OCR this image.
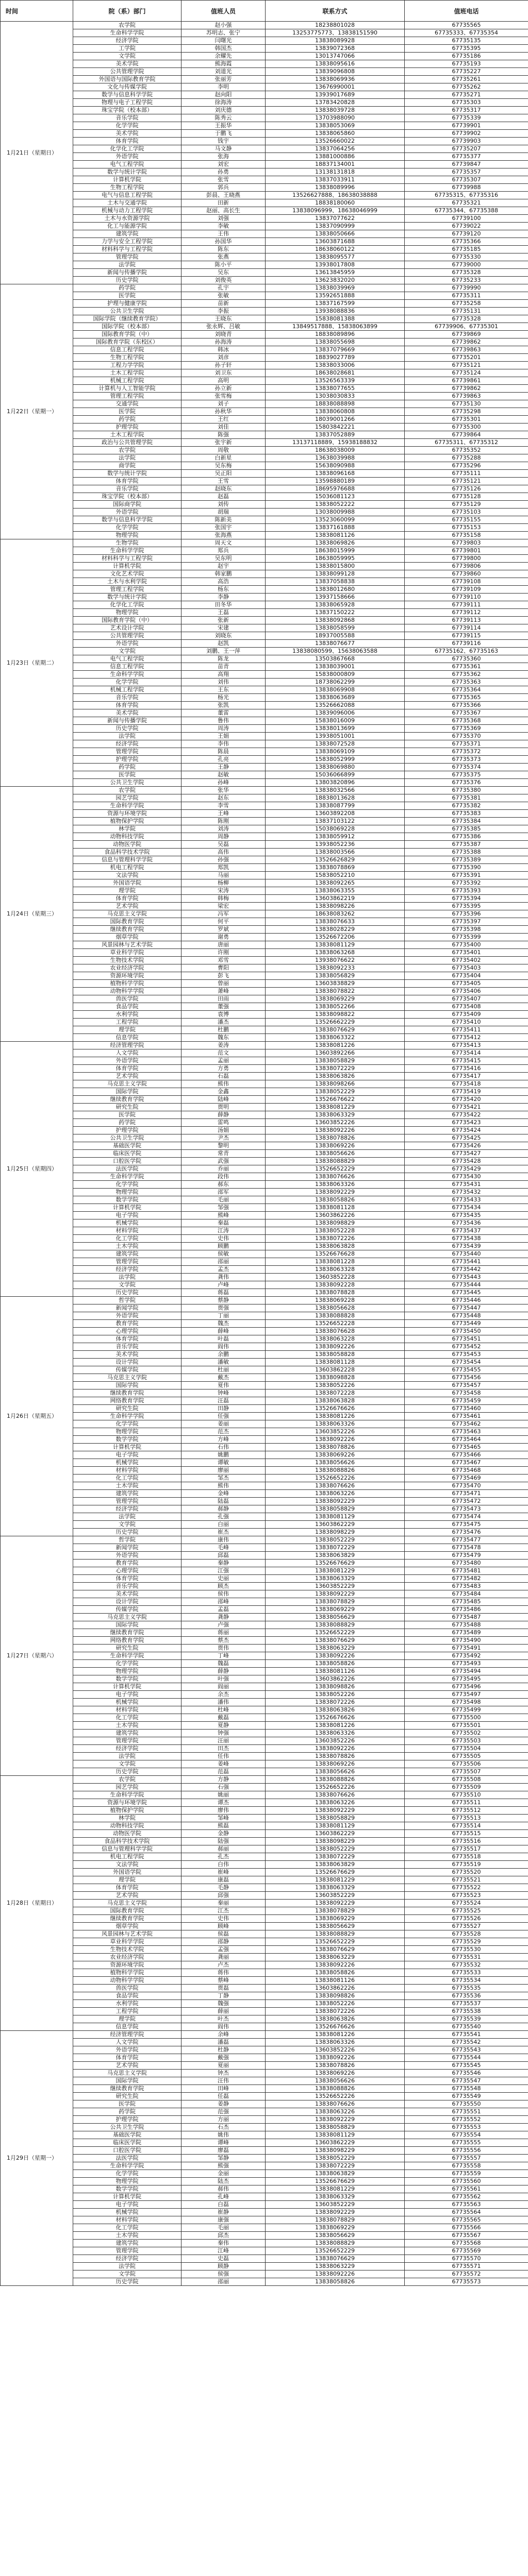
时间	院（系）部门	值班人员	联系方式	值班电话
1月21日（星期日）	农学院	赵小强	18238801028	67735565
	生命科学学院	苏明志、张宁	13253775773、13838151590	67735333、67735354
	经济学院	闫曙光	13838089928	67735135
	工学院	韩国杰	13839072368	67735395
	文学院	余耀先	13013747066	67735186
	美术学院	熊海霞	13838095616	67735193
	公共管理学院	刘道光	13839096808	67735227
	外国语与国际教育学院	张丽芳	13838069936	67735261
	文化与传媒学院	李明	13676990001	67735262
	数学与信息科学学院	赵向阳	13939017689	67735271
	物理与电子工程学院	徐海涛	13783420828	67735303
	珠宝学院（校本部）	刘庆德	13838039728	67735317
	音乐学院	陈秀云	13703988090	67735339
	化学学院	王振华	13838053069	67739901
	美术学院	于鹏飞	13838065860	67739902
	体育学院	钱宇	13526660022	67739903
	化学化工学院	马文静	13837064256	67735207
	外语学院	张海	13881000886	67735377
	电气工程学院	刘宏	18837134001	67739847
	数学与统计学院	孙勇	13138131818	67735357
	计算机学院	张雪	13837033911	67735307
	生物工程学院	郭兵	13838089996	67739988
	电气与信息工程学院	彭晨、王晓燕	13526627888、18638038888	67735315、67735316
	土木与交通学院	田新	18838180060	67735321
	机械与动力工程学院	赵丽、高长生	13838096999、18638046999	67735344、67735388
	土木与水资源学院	刘强	13837077622	67739100
	化工与能源学院	李敏	13837090999	67739022
	建筑学院	王伟	13838050666	67739120
	力学与安全工程学院	孙国华	13603871688	67735366
	材料科学与工程学院	陈东	18638060122	67735185
	管理学院	张燕	13838095577	67735330
	法学院	陈小平	13938017808	67739000
	新闻与传播学院	吴东	13613845959	67735328
	历史学院	刘俊英	13623832020	67735233
1月22日（星期一）	药学院	孔宇	13838039969	67739990
	医学院	张敏	13592651888	67735311
	护理与健康学院	苗新	13837167599	67735258
	公共卫生学院	李振	13938088836	67735131
	国际学院（继续教育学院）	王晓东	15838081388	67735328
	国际学院（校本部）	张永辉、吕敏	13849517888、15838063899	67739906、67735301
	国际教育学院（中）	刘晓青	18838089896	67739869
	国际教育学院（东校区）	孙海涛	13838055698	67739862
	信息工程学院	韩冰	13837079669	67739863
	生物工程学院	刘彦	18839027789	67735201
	工程力学学院	孙子轩	13838033006	67735121
	土木工程学院	刘卫东	18638028681	67735124
	机械工程学院	高明	13526563339	67739861
	计算机与人工智能学院	孙立新	13838077655	67739862
	管理工程学院	张雪梅	13038030833	67739863
	交通学院	刘子	18838088898	67735130
	医学院	孙秋华	13838060808	67735298
	药学院	王红	18039001266	67735301
	护理学院	刘佳	15803842221	67735300
	土木工程学院	陈强	13837052889	67739864
	政治与公共管理学院	张宇新	13137118889、15938188832	67735311、67735312
	农学院	周敬	18638038009	67735352
	法学院	白新星	13638039988	67735288
	商学院	吴东梅	15638090988	67735296
	数学与统计学院	吴正阳	13838096168	67735111
	体育学院	王雪	13598880189	67735121
	音乐学院	赵晓东	18695976688	67735126
	珠宝学院（校本部）	赵磊	15036081123	67735128
	国际商学院	刘传	13838052222	67735129
	外语学院	胡瑞	13038009988	67735103
	数学与信息科学学院	陈新美	13523060099	67735155
	化学学院	张国宇	13837161888	67735153
	物理学院	张海燕	13838081126	67735158
1月23日（星期二）	生物学院	周天文	13838069826	67739803
	生命科学学院	郑兵	18638015999	67739801
	材料科学与工程学院	吴东明	18638059995	67739800
	计算机学院	赵宇	13838015800	67739806
	文化艺术学院	韩家鹏	13838099128	67739860
	土木与水利学院	高浩	13837058838	67739108
	管理工程学院	杨东	13838012680	67739109
	数学与统计学院	李静	13937158666	67739110
	化学化工学院	田冬华	13838065928	67739111
	物理学院	王磊	13837150222	67739112
	国际教育学院（中）	张新	13838092868	67739113
	艺术设计学院	宋建	13838058599	67739114
	公共管理学院	刘晓东	18937005588	67739115
	外语学院	赵凯	13838076677	67739116
	文学院	刘鹏、王一萍	13838080599、15638063588	67735162、67735163
	电气工程学院	陈龙	13503867668	67735360
	信息工程学院	苗青	13838039001	67735361
	生命科学学院	高翔	15838000809	67735362
	化学学院	刘伟	18738062299	67735363
	机械工程学院	王东	13838069908	67735364
	音乐学院	杨光	13838063689	67735365
	体育学院	张凯	13526662088	67735366
	美术学院	董雷	13839096006	67735367
	新闻与传播学院	鲁伟	15838016009	67735368
	历史学院	周涛	13838013699	67735369
	法学院	王娟	13938051001	67735370
	经济学院	李伟	13838072528	67735371
	管理学院	陈晨	13838069109	67735372
	护理学院	孔亮	15838052999	67735373
	药学院	王静	13838069880	67735374
	医学院	赵敏	15036066899	67735375
	公共卫生学院	孙峰	13803820896	67735376
1月24日（星期三）	农学院	张华	13838032566	67735380
	园艺学院	赵东	18838013628	67735381
	生命科学学院	李雪	13838087799	67735382
	资源与环境学院	王峰	13603892208	67735383
	植物保护学院	陈刚	13837103122	67735384
	林学院	刘涛	15038069228	67735385
	动物科技学院	周静	13838059912	67735386
	动物医学院	吴磊	13938052236	67735387
	食品科学技术学院	高伟	13838003566	67735388
	信息与管理科学学院	孙强	13526626829	67735389
	机电工程学院	郑凯	13838078869	67735390
	文法学院	马丽	15838052210	67735391
	外国语学院	杨柳	13838092265	67735392
	理学院	宋涛	13838063355	67735393
	体育学院	韩梅	13603862219	67735394
	艺术学院	梁宏	13838098226	67735395
	马克思主义学院	冯军	18638083262	67735396
	国际教育学院	何平	13838076633	67735397
	继续教育学院	罗斌	13838028229	67735398
	烟草学院	谢勇	13526672206	67735399
	风景园林与艺术学院	唐丽	13838081129	67735400
	草业科学学院	许刚	13838063268	67735401
	生物技术学院	邓雪	13938076622	67735402
	农业经济学院	曹阳	13838092233	67735403
	资源环境学院	彭飞	13838056829	67735404
	植物科学学院	曾丽	13603838829	67735405
	动物科学学院	萧峰	13838078822	67735406
	兽医学院	田雨	13838069229	67735407
	食品学院	董强	13838052266	67735408
	水利学院	袁博	13838098822	67735409
	工程学院	潘杰	13526662229	67735410
	理学院	杜鹏	13838076629	67735411
	信息学院	魏东	13838063322	67735412
1月25日（星期四）	经济管理学院	姜涛	13838081226	67735413
	人文学院	范文	13603892266	67735414
	外语学院	孟丽	13838058829	67735415
	体育学院	方勇	13838072229	67735416
	艺术学院	石磊	13838063826	67735417
	马克思主义学院	熊伟	13838098266	67735418
	国际学院	金鑫	13838052229	67735419
	继续教育学院	陆峰	13526676622	67735420
	研究生院	贾明	13838081229	67735421
	医学院	薛静	13838063329	67735422
	药学院	雷鸣	13603852226	67735423
	护理学院	汤娟	13838092226	67735424
	公共卫生学院	尹杰	13838078826	67735425
	基础医学院	黎明	13838069226	67735426
	临床医学院	常青	13838056626	67735427
	口腔医学院	武强	13838088829	67735428
	法医学院	乔丽	13526652229	67735429
	生命科学学院	段伟	13838076626	67735430
	化学学院	郝东	13838063326	67735431
	物理学院	邵军	13838092229	67735432
	数学学院	毛丽	13838058826	67735433
	计算机学院	邹强	13838081128	67735434
	电子学院	熊峰	13603862226	67735435
	机械学院	秦磊	13838098829	67735436
	材料学院	江涛	13838052228	67735437
	化工学院	史伟	13838072226	67735438
	土木学院	顾鹏	13838063828	67735439
	建筑学院	侯敏	13526676628	67735440
	管理学院	邵丽	13838081228	67735441
	经济学院	孟杰	13838063328	67735442
	法学院	龚伟	13603852228	67735443
	文学院	卢峰	13838092228	67735444
	历史学院	蒋磊	13838078828	67735445
1月26日（星期五）	哲学院	蔡静	13838069228	67735446
	新闻学院	贾强	13838056628	67735447
	外语学院	丁丽	13838088828	67735448
	教育学院	魏杰	13526652228	67735449
	心理学院	薛峰	13838076628	67735450
	体育学院	叶磊	13838063228	67735451
	音乐学院	阎伟	13838092226	67735452
	美术学院	余鹏	13838058828	67735453
	设计学院	潘敏	13838081128	67735454
	传媒学院	杜丽	13603862228	67735455
	马克思主义学院	戴杰	13838098828	67735456
	国际学院	夏伟	13838052226	67735457
	继续教育学院	钟峰	13838072228	67735458
	网络教育学院	汪磊	13838063828	67735459
	研究生院	田静	13526676626	67735460
	生命科学学院	任强	13838081226	67735461
	化学学院	姜丽	13838063326	67735462
	物理学院	范杰	13603852226	67735463
	数学学院	方峰	13838092226	67735464
	计算机学院	石伟	13838078826	67735465
	电子学院	姚鹏	13838069226	67735466
	机械学院	谭敏	13838056626	67735467
	材料学院	廖丽	13838088826	67735468
	化工学院	邹杰	13526652226	67735469
	土木学院	熊伟	13838076626	67735470
	建筑学院	金峰	13838063226	67735471
	管理学院	陆磊	13838092229	67735472
	经济学院	郝静	13838058829	67735473
	法学院	孔强	13838081129	67735474
	文学院	白丽	13603862229	67735475
	历史学院	崔杰	13838098229	67735476
1月27日（星期六）	哲学院	康伟	13838052229	67735477
	新闻学院	毛峰	13838072229	67735478
	外语学院	邱磊	13838063829	67735479
	教育学院	秦静	13526676629	67735480
	心理学院	江强	13838081229	67735481
	体育学院	史丽	13838063329	67735482
	音乐学院	顾杰	13603852229	67735483
	美术学院	侯伟	13838092229	67735484
	设计学院	邵峰	13838078829	67735485
	传媒学院	孟磊	13838069229	67735486
	马克思主义学院	龚静	13838056629	67735487
	国际学院	卢强	13838088829	67735488
	继续教育学院	蒋丽	13526652229	67735489
	网络教育学院	蔡杰	13838076629	67735490
	研究生院	贾伟	13838063229	67735491
	生命科学学院	丁峰	13838092226	67735492
	化学学院	魏磊	13838058826	67735493
	物理学院	薛静	13838081126	67735494
	数学学院	叶强	13603862226	67735495
	计算机学院	阎丽	13838098826	67735496
	电子学院	余杰	13838052226	67735497
	机械学院	潘伟	13838072226	67735498
	材料学院	杜峰	13838063826	67735499
	化工学院	戴磊	13526676626	67735500
	土木学院	夏静	13838081226	67735501
	建筑学院	钟强	13838063326	67735502
	管理学院	汪丽	13603852226	67735503
	经济学院	田杰	13838092226	67735504
	法学院	任伟	13838078826	67735505
	文学院	姜峰	13838069226	67735506
	历史学院	范磊	13838056626	67735507
1月28日（星期日）	农学院	方静	13838088826	67735508
	园艺学院	石强	13526652226	67735509
	生命科学学院	姚丽	13838076626	67735510
	资源与环境学院	谭杰	13838063226	67735511
	植物保护学院	廖伟	13838092229	67735512
	林学院	邹峰	13838058829	67735513
	动物科技学院	熊磊	13838081129	67735514
	动物医学院	金静	13603862229	67735515
	食品科学技术学院	陆强	13838098229	67735516
	信息与管理科学学院	郝丽	13838052229	67735517
	机电工程学院	孔杰	13838072229	67735518
	文法学院	白伟	13838063829	67735519
	外国语学院	崔峰	13526676629	67735520
	理学院	康磊	13838081229	67735521
	体育学院	毛静	13838063329	67735522
	艺术学院	邱强	13603852229	67735523
	马克思主义学院	秦丽	13838092229	67735524
	国际教育学院	江杰	13838078829	67735525
	继续教育学院	史伟	13838069229	67735526
	烟草学院	顾峰	13838056629	67735527
	风景园林与艺术学院	侯磊	13838088829	67735528
	草业科学学院	邵静	13526652229	67735529
	生物技术学院	孟强	13838076629	67735530
	农业经济学院	龚丽	13838063229	67735531
	资源环境学院	卢杰	13838092226	67735532
	植物科学学院	蒋伟	13838058826	67735533
	动物科学学院	蔡峰	13838081126	67735534
	兽医学院	贾磊	13603862226	67735535
	食品学院	丁静	13838098826	67735536
	水利学院	魏强	13838052226	67735537
	工程学院	薛丽	13838072226	67735538
	理学院	叶杰	13838063826	67735539
	信息学院	阎伟	13526676626	67735540
1月29日（星期一）	经济管理学院	余峰	13838081226	67735541
	人文学院	潘磊	13838063326	67735542
	外语学院	杜静	13603852226	67735543
	体育学院	戴强	13838092226	67735544
	艺术学院	夏丽	13838078826	67735545
	马克思主义学院	钟杰	13838069226	67735546
	国际学院	汪伟	13838056626	67735547
	继续教育学院	田峰	13838088826	67735548
	研究生院	任磊	13526652226	67735549
	医学院	姜静	13838076626	67735550
	药学院	范强	13838063226	67735551
	护理学院	方丽	13838092229	67735552
	公共卫生学院	石杰	13838058829	67735553
	基础医学院	姚伟	13838081129	67735554
	临床医学院	谭峰	13603862229	67735555
	口腔医学院	廖磊	13838098229	67735556
	法医学院	邹静	13838052229	67735557
	生命科学学院	熊强	13838072229	67735558
	化学学院	金丽	13838063829	67735559
	物理学院	陆杰	13526676629	67735560
	数学学院	郝伟	13838081229	67735561
	计算机学院	孔峰	13838063329	67735562
	电子学院	白磊	13603852229	67735563
	机械学院	崔静	13838092229	67735564
	材料学院	康强	13838078829	67735565
	化工学院	毛丽	13838069229	67735566
	土木学院	邱杰	13838056629	67735567
	建筑学院	秦伟	13838088829	67735568
	管理学院	江峰	13526652229	67735569
	经济学院	史磊	13838076629	67735570
	法学院	顾静	13838063229	67735571
	文学院	侯强	13838092226	67735572
	历史学院	邵丽	13838058826	67735573
